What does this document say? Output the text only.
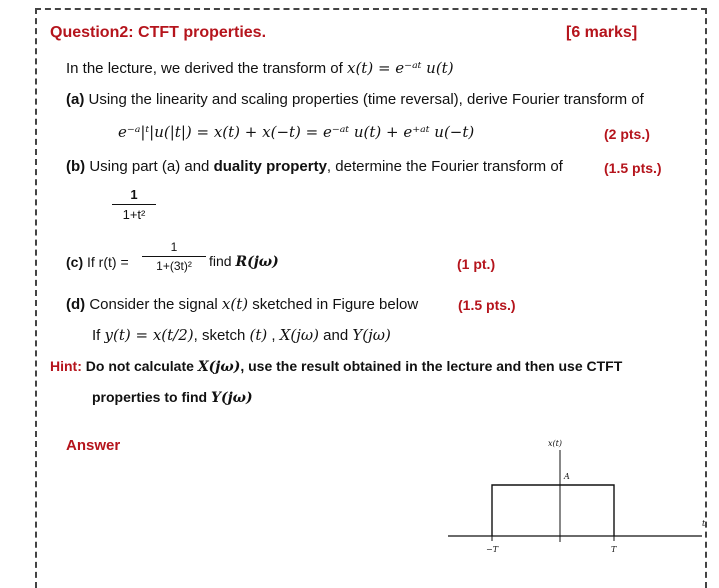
Question2: CTFT properties.	[6 marks]
In the lecture, we derived the transform of x(t) = e⁻ᵃᵗ u(t)
(a) Using the linearity and scaling properties (time reversal), derive Fourier transform of
e⁻ᵃ|ᵗ|u(|t|) = x(t) + x(−t) = e⁻ᵃᵗ u(t) + e⁺ᵃᵗ u(−t)	(2 pts.)
(b) Using part (a) and duality property, determine the Fourier transform of	(1.5 pts.)
1
1+t²
(c) If r(t) =
1
1+(3t)²	find R(jω)	(1 pt.)
(d) Consider the signal x(t) sketched in Figure below	(1.5 pts.)
If y(t) = x(t/2), sketch (t) , X(jω) and Y(jω)
Hint: Do not calculate X(jω), use the result obtained in the lecture and then use CTFT
properties to find Y(jω)
Answer	x(t)
A
−T	T
t
